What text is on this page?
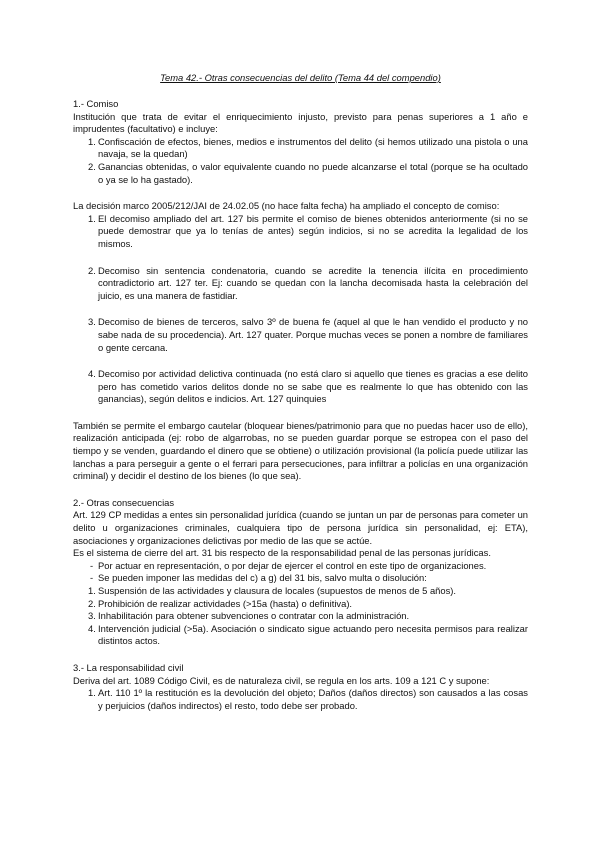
Tema 42.- Otras consecuencias del delito (Tema 44 del compendio)
1.- Comiso

Institución que trata de evitar el enriquecimiento injusto, previsto para penas superiores a 1 año e imprudentes (facultativo) e incluye:

1. Confiscación de efectos, bienes, medios e instrumentos del delito (si hemos utilizado una pistola o una navaja, se la quedan)
2. Ganancias obtenidas, o valor equivalente cuando no puede alcanzarse el total (porque se ha ocultado o ya se lo ha gastado).

La decisión marco 2005/212/JAI de 24.02.05 (no hace falta fecha) ha ampliado el concepto de comiso:

1. El decomiso ampliado del art. 127 bis permite el comiso de bienes obtenidos anteriormente (si no se puede demostrar que ya lo tenías de antes) según indicios, si no se acredita la legalidad de los mismos.
2. Decomiso sin sentencia condenatoria, cuando se acredite la tenencia ilícita en procedimiento contradictorio art. 127 ter. Ej: cuando se quedan con la lancha decomisada hasta la celebración del juicio, es una manera de fastidiar.
3. Decomiso de bienes de terceros, salvo 3º de buena fe (aquel al que le han vendido el producto y no sabe nada de su procedencia). Art. 127 quater. Porque muchas veces se ponen a nombre de familiares o gente cercana.
4. Decomiso por actividad delictiva continuada (no está claro si aquello que tienes es gracias a ese delito pero has cometido varios delitos donde no se sabe que es realmente lo que has obtenido con las ganancias), según delitos e indicios. Art. 127 quinquies

También se permite el embargo cautelar (bloquear bienes/patrimonio para que no puedas hacer uso de ello), realización anticipada (ej: robo de algarrobas, no se pueden guardar porque se estropea con el paso del tiempo y se venden, guardando el dinero que se obtiene) o utilización provisional (la policía puede utilizar las lanchas a para perseguir a gente o el ferrari para persecuciones, para infiltrar a policías en una organización criminal) y decidir el destino de los bienes (lo que sea).

2.- Otras consecuencias

Art. 129 CP medidas a entes sin personalidad jurídica (cuando se juntan un par de personas para cometer un delito u organizaciones criminales, cualquiera tipo de persona jurídica sin personalidad, ej: ETA), asociaciones y organizaciones delictivas por medio de las que se actúe.

Es el sistema de cierre del art. 31 bis respecto de la responsabilidad penal de las personas jurídicas.

- Por actuar en representación, o por dejar de ejercer el control en este tipo de organizaciones.
- Se pueden imponer las medidas del c) a g) del 31 bis, salvo multa o disolución:
1. Suspensión de las actividades y clausura de locales (supuestos de menos de 5 años).
2. Prohibición de realizar actividades (>15a (hasta) o definitiva).
3. Inhabilitación para obtener subvenciones o contratar con la administración.
4. Intervención judicial (>5a). Asociación o sindicato sigue actuando pero necesita permisos para realizar distintos actos.
3.- La responsabilidad civil

Deriva del art. 1089 Código Civil, es de naturaleza civil, se regula en los arts. 109 a 121 C y supone:

1. Art. 110 1º la restitución es la devolución del objeto; Daños (daños directos) son causados a las cosas y perjuicios (daños indirectos) el resto, todo debe ser probado.
